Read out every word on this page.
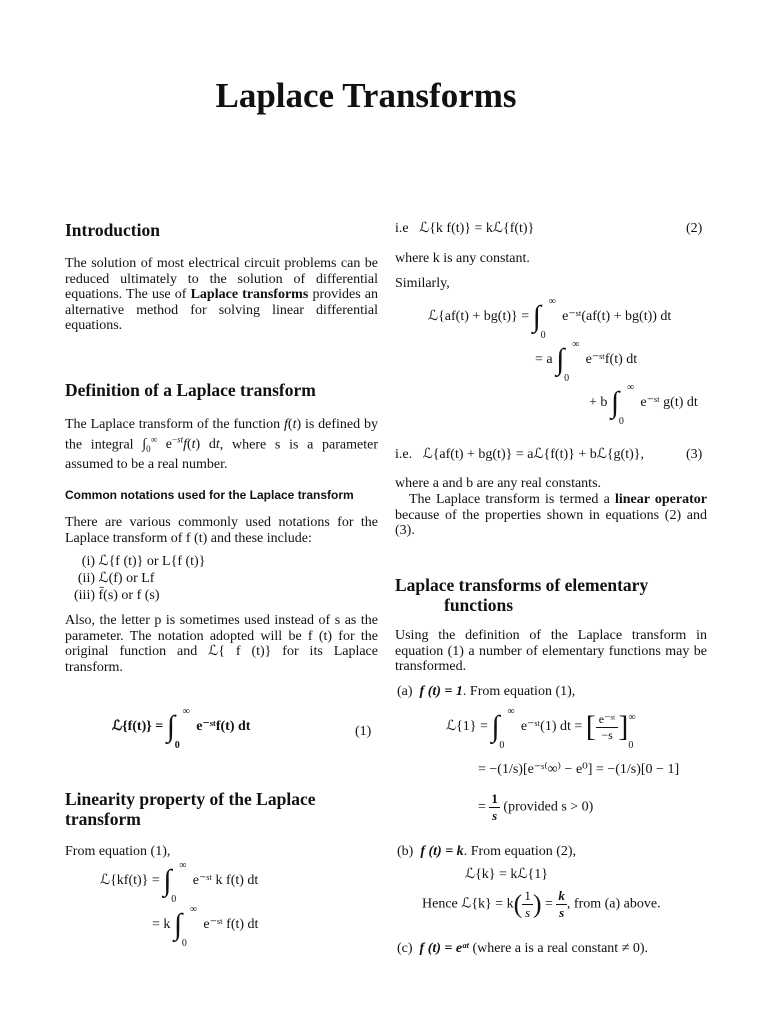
Laplace Transforms
Introduction
The solution of most electrical circuit problems can be reduced ultimately to the solution of differential equations. The use of Laplace transforms provides an alternative method for solving linear differential equations.
Definition of a Laplace transform
The Laplace transform of the function f(t) is defined by the integral $\int_0^\infty$ $e^{-st}f(t)$ dt, where s is a parameter assumed to be a real number.
Common notations used for the Laplace transform
There are various commonly used notations for the Laplace transform of f (t) and these include:
(i) ℒ{f (t)} or L{f (t)}
(ii) ℒ(f) or Lf
(iii) f̄(s) or f (s)
Also, the letter p is sometimes used instead of s as the parameter. The notation adopted will be f (t) for the original function and ℒ{ f (t)} for its Laplace transform.
ℒ{f(t)} = ∫ ∞
0
e⁻ˢᵗf(t) dt	(1)
Linearity property of the Laplace transform
From equation (1),
ℒ{kf(t)} = ∫ ∞
0
e⁻ˢᵗ k f(t) dt
= k ∫ ∞
0
e⁻ˢᵗ f(t) dt
i.e ℒ{k f(t)} = kℒ{f(t)}	(2)
where k is any constant.
Similarly,
ℒ{af(t) + bg(t)} = ∫ ∞
0
e⁻ˢᵗ(af(t) + bg(t)) dt
= a ∫ ∞
0
e⁻ˢᵗf(t) dt
+ b ∫ ∞
0
e⁻ˢᵗ g(t) dt
i.e. ℒ{af(t) + bg(t)} = aℒ{f(t)} + bℒ{g(t)},	(3)
where a and b are any real constants.
The Laplace transform is termed a linear operator because of the properties shown in equations (2) and (3).
Laplace transforms of elementary
functions
Using the definition of the Laplace transform in equation (1) a number of elementary functions may be transformed.
(a) f (t) = 1. From equation (1),
ℒ{1} = ∫ ∞
0
e⁻ˢᵗ(1) dt = [ $\frac{\text{e⁻ˢᵗ}}{-s}$ ] ∞
0
= −(1/s)[e⁻ˢ⁽∞⁾ − e⁰] = −(1/s)[0 − 1]
= $\frac{1}{s}$ (provided s > 0)
(b) f (t) = k. From equation (2),
ℒ{k} = kℒ{1}
Hence ℒ{k} = $k( \frac{1}{s}$ ) = $\frac{k}{s}$ , from (a) above.
(c) f (t) = eᵃᵗ (where a is a real constant ≠ 0).
